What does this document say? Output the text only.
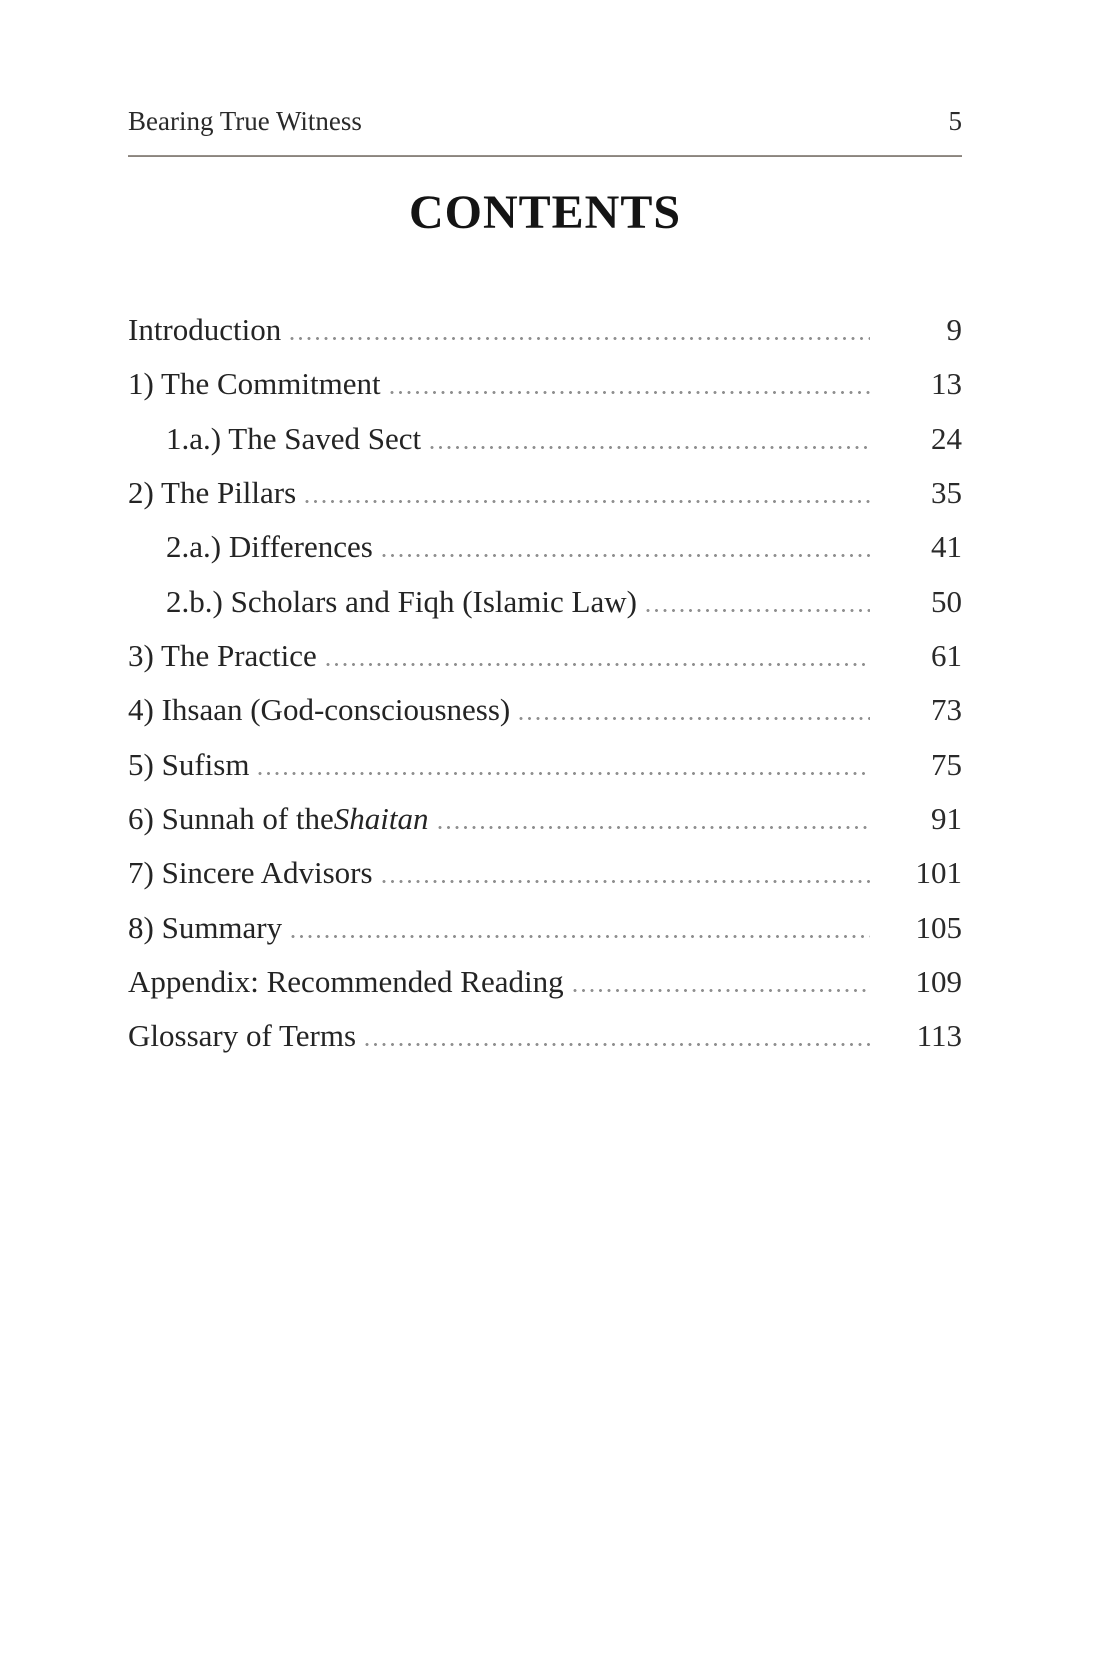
Bearing True Witness	5
CONTENTS
Introduction	9
1) The Commitment	13
1.a.) The Saved Sect	24
2) The Pillars	35
2.a.) Differences	41
2.b.) Scholars and Fiqh (Islamic Law)	50
3) The Practice	61
4) Ihsaan (God-consciousness)	73
5) Sufism	75
6) Sunnah of the Shaitan	91
7) Sincere Advisors	101
8) Summary	105
Appendix: Recommended Reading	109
Glossary of Terms	113
